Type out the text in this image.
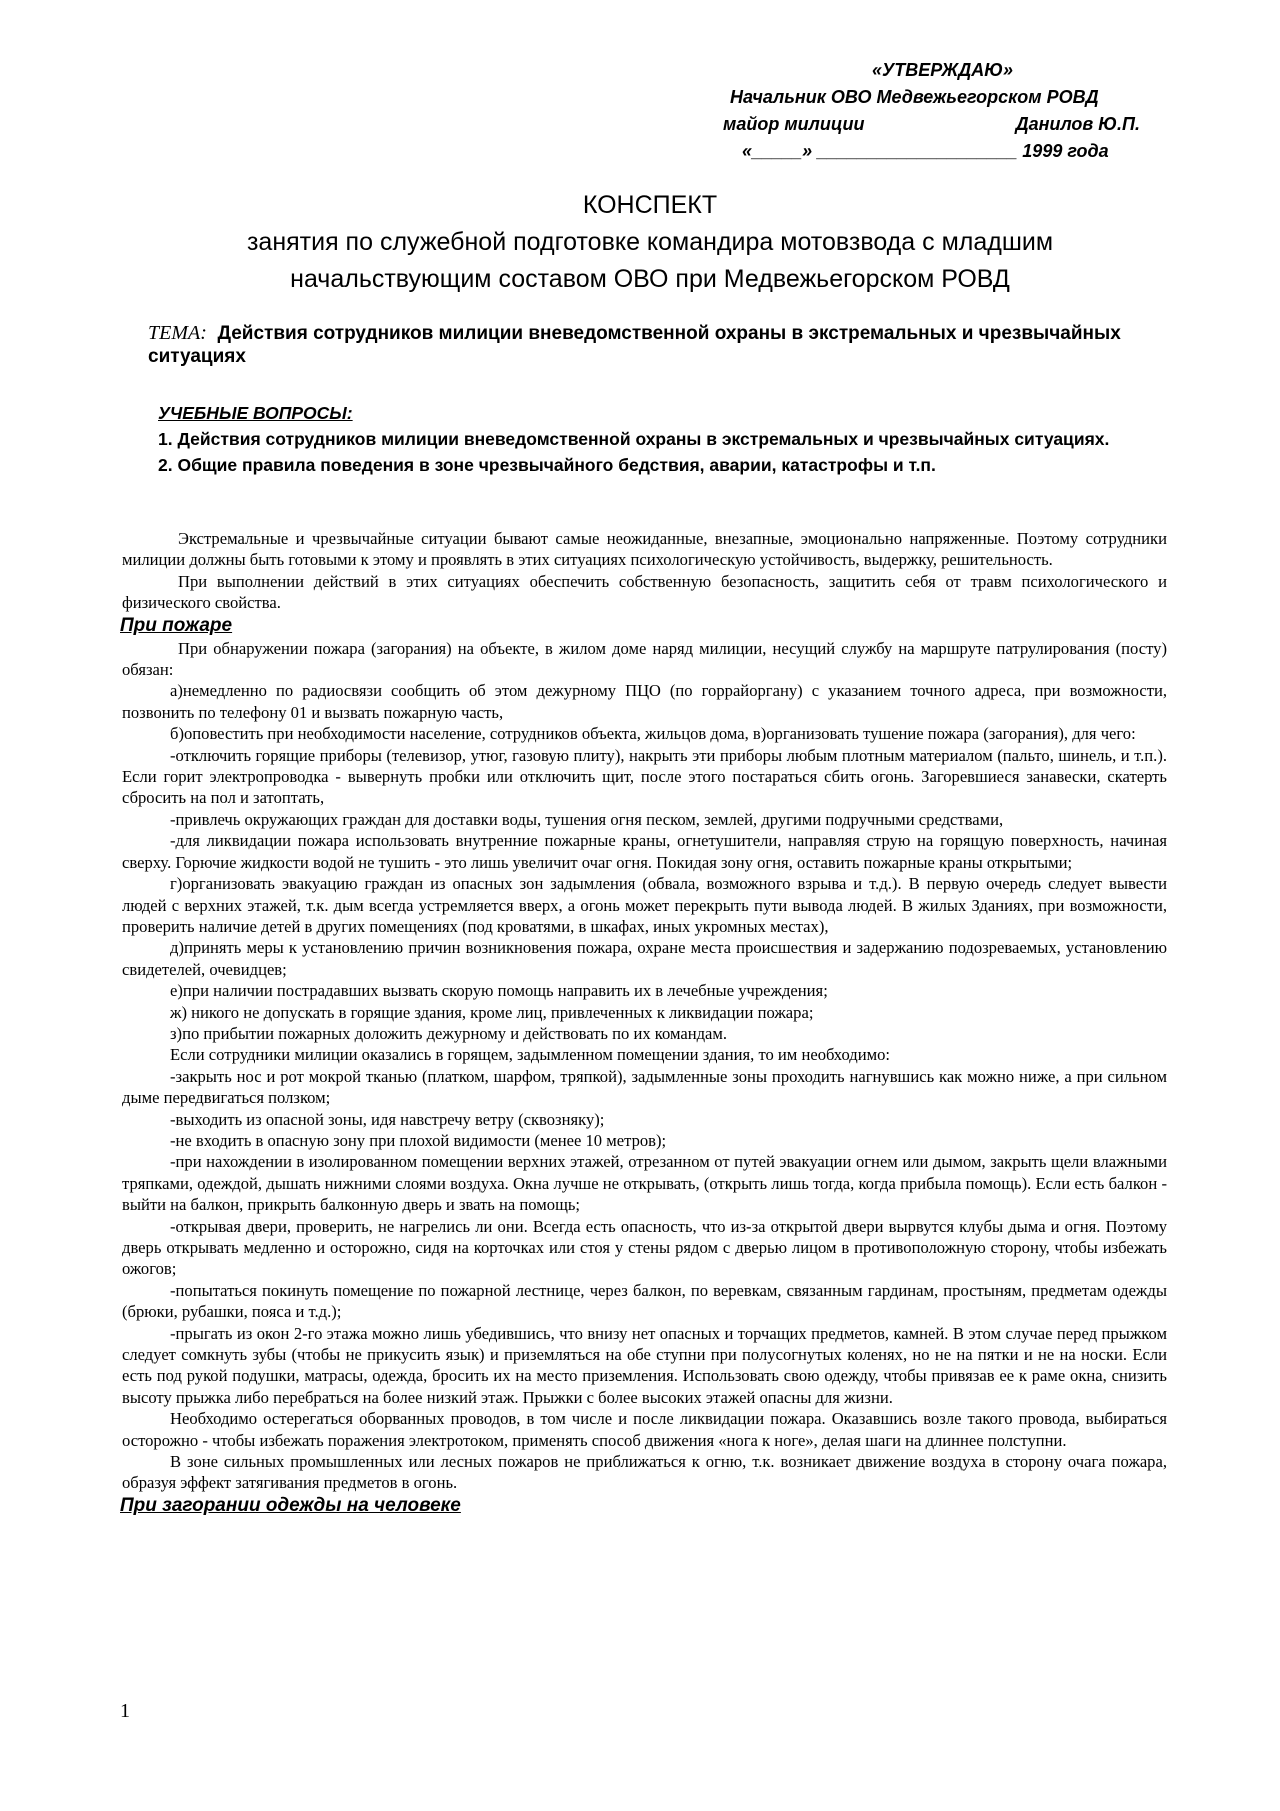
«УТВЕРЖДАЮ»
Начальник ОВО Медвежьегорском РОВД
майор милиции	Данилов Ю.П.
«_____» ____________________ 1999 года
КОНСПЕКТ
занятия по служебной подготовке командира мотовзвода с младшим
начальствующим составом ОВО при Медвежьегорском РОВД
ТЕМА: Действия сотрудников милиции вневедомственной охраны в экстремальных и чрезвычайных ситуациях
УЧЕБНЫЕ ВОПРОСЫ:
1. Действия сотрудников милиции вневедомственной охраны в экстремальных и чрезвычайных ситуациях.
2. Общие правила поведения в зоне чрезвычайного бедствия, аварии, катастрофы и т.п.

Экстремальные и чрезвычайные ситуации бывают самые неожиданные, внезапные, эмоционально напряженные. Поэтому сотрудники милиции должны быть готовыми к этому и проявлять в этих ситуациях психологическую устойчивость, выдержку, решительность.

При выполнении действий в этих ситуациях обеспечить собственную безопасность, защитить себя от травм психологического и физического свойства.

При пожаре

При обнаружении пожара (загорания) на объекте, в жилом доме наряд милиции, несущий службу на маршруте патрулирования (посту) обязан:

а)немедленно по радиосвязи сообщить об этом дежурному ПЦО (по горрайоргану) с указанием точного адреса, при возможности, позвонить по телефону 01 и вызвать пожарную часть,

б)оповестить при необходимости население, сотрудников объекта, жильцов дома, в)организовать тушение пожара (загорания), для чего:

-отключить горящие приборы (телевизор, утюг, газовую плиту), накрыть эти приборы любым плотным материалом (пальто, шинель, и т.п.). Если горит электропроводка - вывернуть пробки или отключить щит, после этого постараться сбить огонь. Загоревшиеся занавески, скатерть сбросить на пол и затоптать,

-привлечь окружающих граждан для доставки воды, тушения огня песком, землей, другими подручными средствами,

-для ликвидации пожара использовать внутренние пожарные краны, огнетушители, направляя струю на горящую поверхность, начиная сверху. Горючие жидкости водой не тушить - это лишь увеличит очаг огня. Покидая зону огня, оставить пожарные краны открытыми;

г)организовать эвакуацию граждан из опасных зон задымления (обвала, возможного взрыва и т.д.). В первую очередь следует вывести людей с верхних этажей, т.к. дым всегда устремляется вверх, а огонь может перекрыть пути вывода людей. В жилых Зданиях, при возможности, проверить наличие детей в других помещениях (под кроватями, в шкафах, иных укромных местах),

д)принять меры к установлению причин возникновения пожара, охране места происшествия и задержанию подозреваемых, установлению свидетелей, очевидцев;

е)при наличии пострадавших вызвать скорую помощь направить их в лечебные учреждения;

ж) никого не допускать в горящие здания, кроме лиц, привлеченных к ликвидации пожара;

з)по прибытии пожарных доложить дежурному и действовать по их командам.

Если сотрудники милиции оказались в горящем, задымленном помещении здания, то им необходимо:

-закрыть нос и рот мокрой тканью (платком, шарфом, тряпкой), задымленные зоны проходить нагнувшись как можно ниже, а при сильном дыме передвигаться ползком;

-выходить из опасной зоны, идя навстречу ветру (сквозняку);

-не входить в опасную зону при плохой видимости (менее 10 метров);

-при нахождении в изолированном помещении верхних этажей, отрезанном от путей эвакуации огнем или дымом, закрыть щели влажными тряпками, одеждой, дышать нижними слоями воздуха. Окна лучше не открывать, (открыть лишь тогда, когда прибыла помощь). Если есть балкон - выйти на балкон, прикрыть балконную дверь и звать на помощь;

-открывая двери, проверить, не нагрелись ли они. Всегда есть опасность, что из-за открытой двери вырвутся клубы дыма и огня. Поэтому дверь открывать медленно и осторожно, сидя на корточках или стоя у стены рядом с дверью лицом в противоположную сторону, чтобы избежать ожогов;

-попытаться покинуть помещение по пожарной лестнице, через балкон, по веревкам, связанным гардинам, простыням, предметам одежды (брюки, рубашки, пояса и т.д.);

-прыгать из окон 2-го этажа можно лишь убедившись, что внизу нет опасных и торчащих предметов, камней. В этом случае перед прыжком следует сомкнуть зубы (чтобы не прикусить язык) и приземляться на обе ступни при полусогнутых коленях, но не на пятки и не на носки. Если есть под рукой подушки, матрасы, одежда, бросить их на место приземления. Использовать свою одежду, чтобы привязав ее к раме окна, снизить высоту прыжка либо перебраться на более низкий этаж. Прыжки с более высоких этажей опасны для жизни.

Необходимо остерегаться оборванных проводов, в том числе и после ликвидации пожара. Оказавшись возле такого провода, выбираться осторожно - чтобы избежать поражения электротоком, применять способ движения «нога к ноге», делая шаги на длиннее полступни.

В зоне сильных промышленных или лесных пожаров не приближаться к огню, т.к. возникает движение воздуха в сторону очага пожара, образуя эффект затягивания предметов в огонь.

При загорании одежды на человеке
1
